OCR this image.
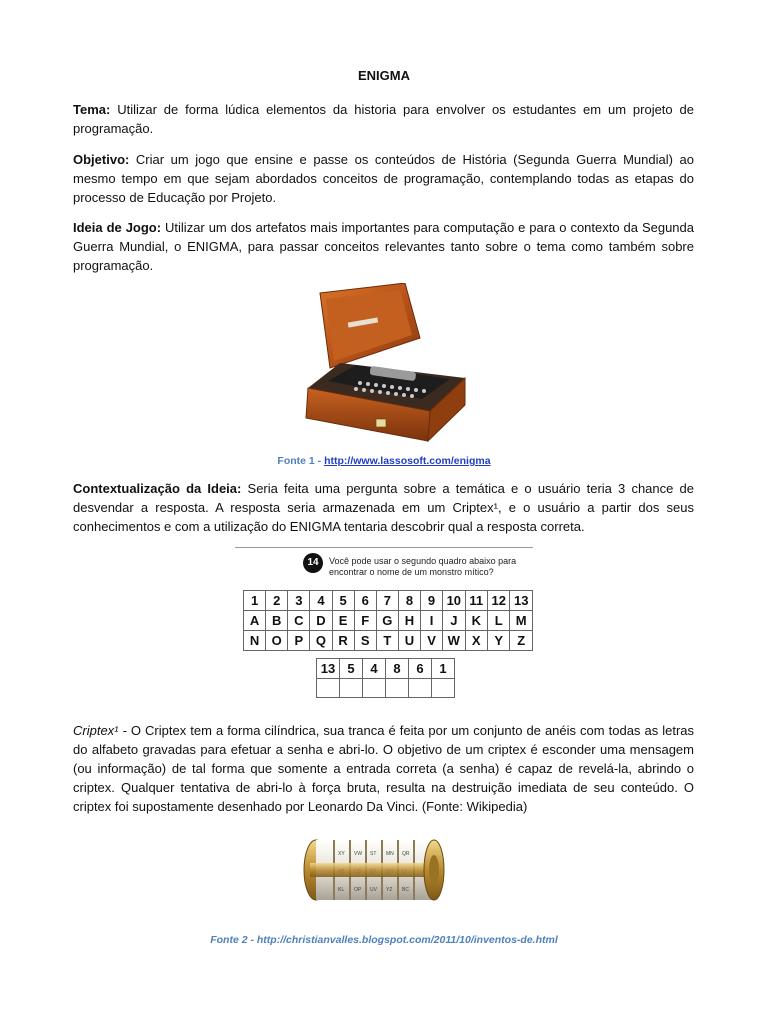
ENIGMA

Tema: Utilizar de forma lúdica elementos da historia para envolver os estudantes em um projeto de programação.

Objetivo: Criar um jogo que ensine e passe os conteúdos de História (Segunda Guerra Mundial) ao mesmo tempo em que sejam abordados conceitos de programação, contemplando todas as etapas do processo de Educação por Projeto.

Ideia de Jogo: Utilizar um dos artefatos mais importantes para computação e para o contexto da Segunda Guerra Mundial, o ENIGMA, para passar conceitos relevantes tanto sobre o tema como também sobre programação.

Fonte 1 - http://www.lassosoft.com/enigma

Contextualização da Ideia: Seria feita uma pergunta sobre a temática e o usuário teria 3 chance de desvendar a resposta. A resposta seria armazenada em um Criptex¹, e o usuário a partir dos seus conhecimentos e com a utilização do ENIGMA tentaria descobrir qual a resposta correta.

14	Você pode usar o segundo quadro abaixo para encontrar o nome de um monstro mítico?
1	2	3	4	5	6	7	8	9	10	11	12	13
A	B	C	D	E	F	G	H	I	J	K	L	M
N	O	P	Q	R	S	T	U	V	W	X	Y	Z
13	5	4	8	6	1

Criptex¹ - O Criptex tem a forma cilíndrica, sua tranca é feita por um conjunto de anéis com todas as letras do alfabeto gravadas para efetuar a senha e abri-lo. O objetivo de um criptex é esconder uma mensagem (ou informação) de tal forma que somente a entrada correta (a senha) é capaz de revelá-la, abrindo o criptex. Qualquer tentativa de abri-lo à força bruta, resulta na destruição imediata de seu conteúdo. O criptex foi supostamente desenhado por Leonardo Da Vinci. (Fonte: Wikipedia)

XY VW ST MN QR
KL OP UV YZ BC
Fonte 2 - http://christianvalles.blogspot.com/2011/10/inventos-de.html
